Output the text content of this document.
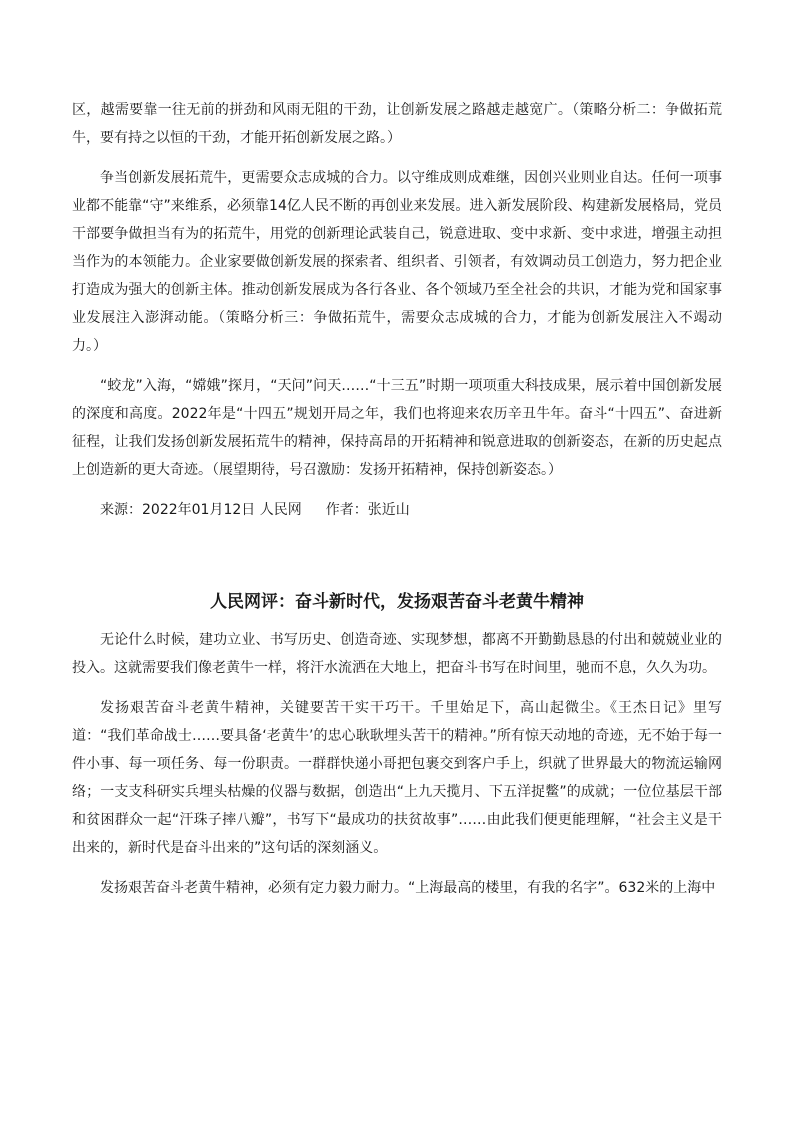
区，越需要靠一往无前的拼劲和风雨无阻的干劲，让创新发展之路越走越宽广。（策略分析二：争做拓荒牛，要有持之以恒的干劲，才能开拓创新发展之路。）

争当创新发展拓荒牛，更需要众志成城的合力。以守维成则成难继，因创兴业则业自达。任何一项事业都不能靠“守”来维系，必须靠14亿人民不断的再创业来发展。进入新发展阶段、构建新发展格局，党员干部要争做担当有为的拓荒牛，用党的创新理论武装自己，锐意进取、变中求新、变中求进，增强主动担当作为的本领能力。企业家要做创新发展的探索者、组织者、引领者，有效调动员工创造力，努力把企业打造成为强大的创新主体。推动创新发展成为各行各业、各个领域乃至全社会的共识，才能为党和国家事业发展注入澎湃动能。（策略分析三：争做拓荒牛，需要众志成城的合力，才能为创新发展注入不竭动力。）

“蛟龙”入海，“嫦娥”探月，“天问”问天……“十三五”时期一项项重大科技成果，展示着中国创新发展的深度和高度。2022年是“十四五”规划开局之年，我们也将迎来农历辛丑牛年。奋斗“十四五”、奋进新征程，让我们发扬创新发展拓荒牛的精神，保持高昂的开拓精神和锐意进取的创新姿态，在新的历史起点上创造新的更大奇迹。（展望期待，号召激励：发扬开拓精神，保持创新姿态。）

来源：2022年01月12日 人民网 作者：张近山

人民网评：奋斗新时代，发扬艰苦奋斗老黄牛精神

无论什么时候，建功立业、书写历史、创造奇迹、实现梦想，都离不开勤勤恳恳的付出和兢兢业业的投入。这就需要我们像老黄牛一样，将汗水流洒在大地上，把奋斗书写在时间里，驰而不息，久久为功。

发扬艰苦奋斗老黄牛精神，关键要苦干实干巧干。千里始足下，高山起微尘。《王杰日记》里写道：“我们革命战士……要具备‘老黄牛’的忠心耿耿埋头苦干的精神。”所有惊天动地的奇迹，无不始于每一件小事、每一项任务、每一份职责。一群群快递小哥把包裹交到客户手上，织就了世界最大的物流运输网络；一支支科研实兵埋头枯燥的仪器与数据，创造出“上九天揽月、下五洋捉鳖”的成就；一位位基层干部和贫困群众一起“汗珠子摔八瓣”，书写下“最成功的扶贫故事”……由此我们便更能理解，“社会主义是干出来的，新时代是奋斗出来的”这句话的深刻涵义。

发扬艰苦奋斗老黄牛精神，必须有定力毅力耐力。“上海最高的楼里，有我的名字”。632米的上海中
